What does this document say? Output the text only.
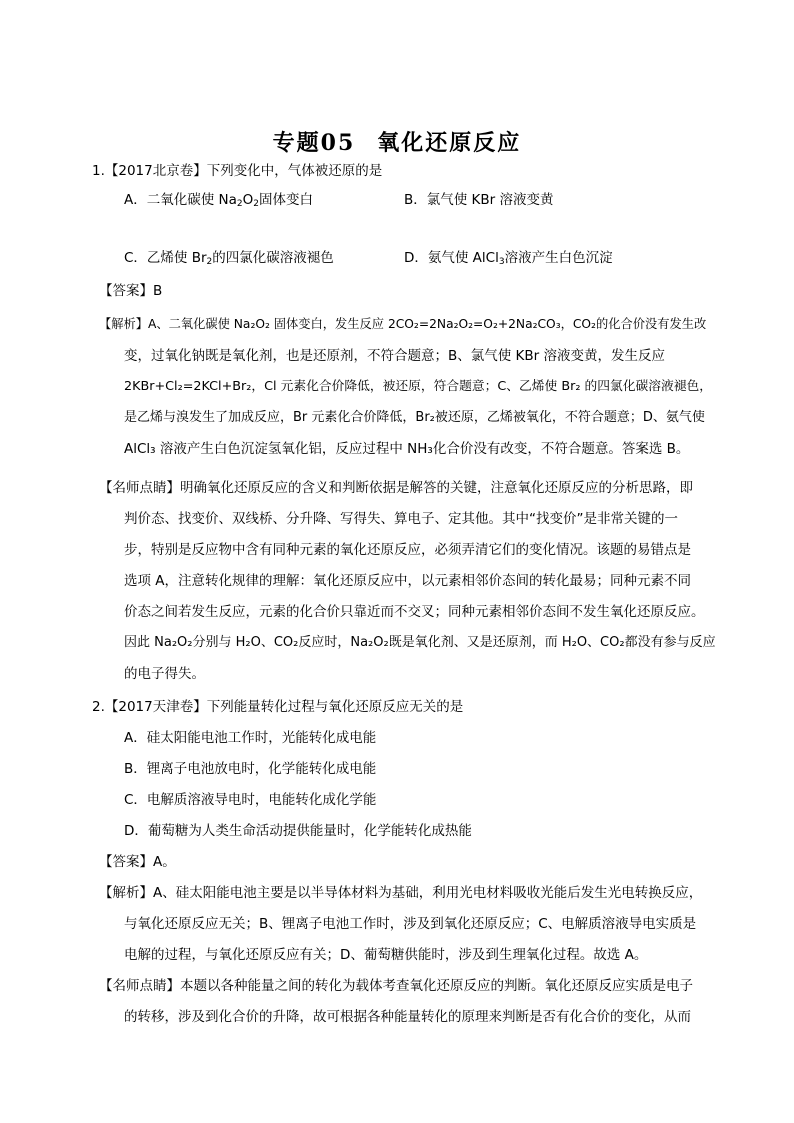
专题05 氧化还原反应
1.【2017北京卷】下列变化中，气体被还原的是
A．二氧化碳使 $Na_2O_2$固体变白	B．氯气使 KBr 溶液变黄
C．乙烯使 $Br_2$的四氯化碳溶液褪色	D．氨气使 AlCl$_3$溶液产生白色沉淀
【答案】B
【解析】A、二氧化碳使 Na₂O₂ 固体变白，发生反应 2CO₂=2Na₂O₂=O₂+2Na₂CO₃，CO₂的化合价没有发生改
变，过氧化钠既是氧化剂，也是还原剂，不符合题意；B、氯气使 KBr 溶液变黄，发生反应
2KBr+Cl₂=2KCl+Br₂，Cl 元素化合价降低，被还原，符合题意；C、乙烯使 Br₂ 的四氯化碳溶液褪色，
是乙烯与溴发生了加成反应，Br 元素化合价降低，Br₂被还原，乙烯被氧化，不符合题意；D、氨气使
AlCl₃ 溶液产生白色沉淀氢氧化铝，反应过程中 NH₃化合价没有改变，不符合题意。答案选 B。
【名师点睛】明确氧化还原反应的含义和判断依据是解答的关键，注意氧化还原反应的分析思路，即
判价态、找变价、双线桥、分升降、写得失、算电子、定其他。其中“找变价”是非常关键的一
步，特别是反应物中含有同种元素的氧化还原反应，必须弄清它们的变化情况。该题的易错点是
选项 A，注意转化规律的理解：氧化还原反应中，以元素相邻价态间的转化最易；同种元素不同
价态之间若发生反应，元素的化合价只靠近而不交叉；同种元素相邻价态间不发生氧化还原反应。
因此 Na₂O₂分别与 H₂O、CO₂反应时，Na₂O₂既是氧化剂、又是还原剂，而 H₂O、CO₂都没有参与反应
的电子得失。
2.【2017天津卷】下列能量转化过程与氧化还原反应无关的是
A．硅太阳能电池工作时，光能转化成电能
B．锂离子电池放电时，化学能转化成电能
C．电解质溶液导电时，电能转化成化学能
D．葡萄糖为人类生命活动提供能量时，化学能转化成热能
【答案】A。
【解析】A、硅太阳能电池主要是以半导体材料为基础，利用光电材料吸收光能后发生光电转换反应，
与氧化还原反应无关；B、锂离子电池工作时，涉及到氧化还原反应；C、电解质溶液导电实质是
电解的过程，与氧化还原反应有关；D、葡萄糖供能时，涉及到生理氧化过程。故选 A。
【名师点睛】本题以各种能量之间的转化为载体考查氧化还原反应的判断。氧化还原反应实质是电子
的转移，涉及到化合价的升降，故可根据各种能量转化的原理来判断是否有化合价的变化，从而
